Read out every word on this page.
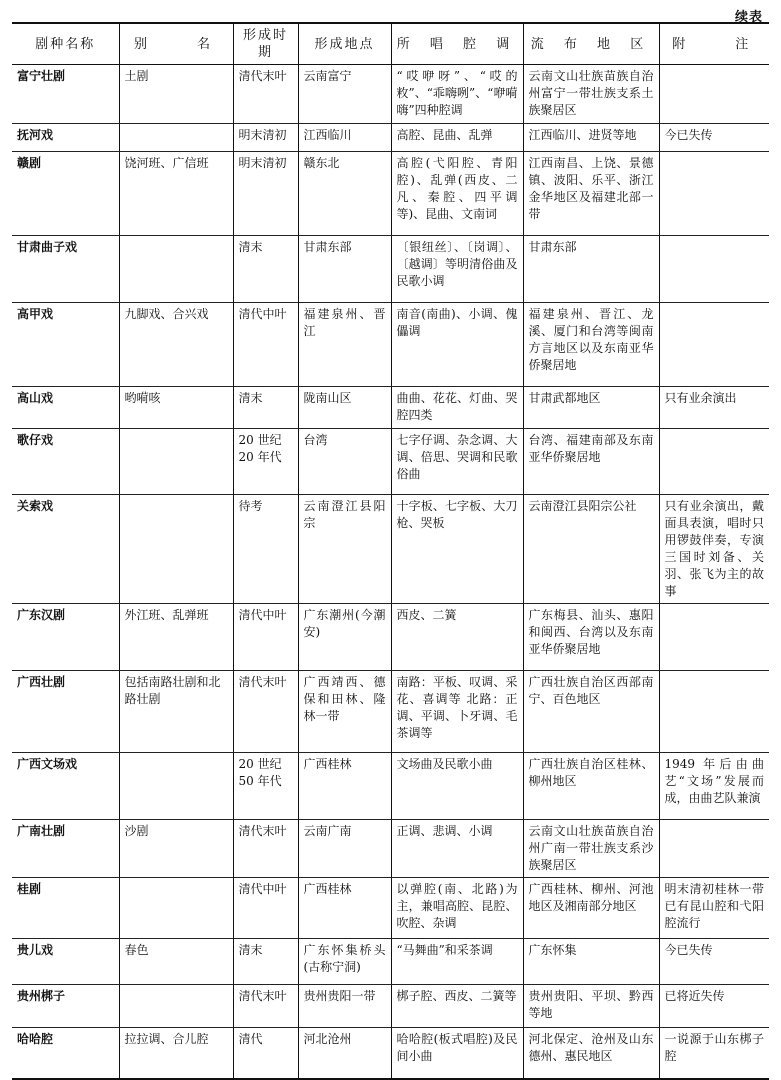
续表
剧种名称	别　　名	形成时期	形成地点	所 唱 腔 调	流 布 地 区	附　　注
富宁壮剧	土剧	清代末叶	云南富宁	“哎咿呀”、“哎的敉”、“乖嗨咧”、“咿嗬嗨”四种腔调	云南文山壮族苗族自治州富宁一带壮族支系土族聚居区	
抚河戏		明末清初	江西临川	高腔、昆曲、乱弹	江西临川、进贤等地	今已失传
赣剧	饶河班、广信班	明末清初	赣东北	高腔(弋阳腔、青阳腔)、乱弹(西皮、二凡、秦腔、四平调等)、昆曲、文南词	江西南昌、上饶、景德镇、波阳、乐平、浙江金华地区及福建北部一带	
甘肃曲子戏		清末	甘肃东部	〔银纽丝〕、〔岗调〕、〔越调〕等明清俗曲及民歌小调	甘肃东部	
高甲戏	九脚戏、合兴戏	清代中叶	福建泉州、晋江	南音(南曲)、小调、傀儡调	福建泉州、晋江、龙溪、厦门和台湾等闽南方言地区以及东南亚华侨聚居地	
高山戏	哟嗬咳	清末	陇南山区	曲曲、花花、灯曲、哭腔四类	甘肃武都地区	只有业余演出
歌仔戏		20 世纪 20 年代	台湾	七字仔调、杂念调、大调、倍思、哭调和民歌俗曲	台湾、福建南部及东南亚华侨聚居地	
关索戏		待考	云南澄江县阳宗	十字板、七字板、大刀枪、哭板	云南澄江县阳宗公社	只有业余演出，戴面具表演，唱时只用锣鼓伴奏，专演三国时刘备、关羽、张飞为主的故事
广东汉剧	外江班、乱弹班	清代中叶	广东潮州(今潮安)	西皮、二簧	广东梅县、汕头、惠阳和闽西、台湾以及东南亚华侨聚居地	
广西壮剧	包括南路壮剧和北路壮剧	清代末叶	广西靖西、德保和田林、隆林一带	南路：平板、叹调、采花、喜调等 北路：正调、平调、卜牙调、毛茶调等	广西壮族自治区西部南宁、百色地区	
广西文场戏		20 世纪 50 年代	广西桂林	文场曲及民歌小曲	广西壮族自治区桂林、柳州地区	1949 年后由曲艺“文场”发展而成，由曲艺队兼演
广南壮剧	沙剧	清代末叶	云南广南	正调、悲调、小调	云南文山壮族苗族自治州广南一带壮族支系沙族聚居区	
桂剧		清代中叶	广西桂林	以弹腔(南、北路)为主，兼唱高腔、昆腔、吹腔、杂调	广西桂林、柳州、河池地区及湘南部分地区	明末清初桂林一带已有昆山腔和弋阳腔流行
贵儿戏	春色	清末	广东怀集桥头(古称宁洞)	“马舞曲”和采茶调	广东怀集	今已失传
贵州梆子		清代末叶	贵州贵阳一带	梆子腔、西皮、二簧等	贵州贵阳、平坝、黔西等地	已将近失传
哈哈腔	拉拉调、合儿腔	清代	河北沧州	哈哈腔(板式唱腔)及民间小曲	河北保定、沧州及山东德州、惠民地区	一说源于山东梆子腔
